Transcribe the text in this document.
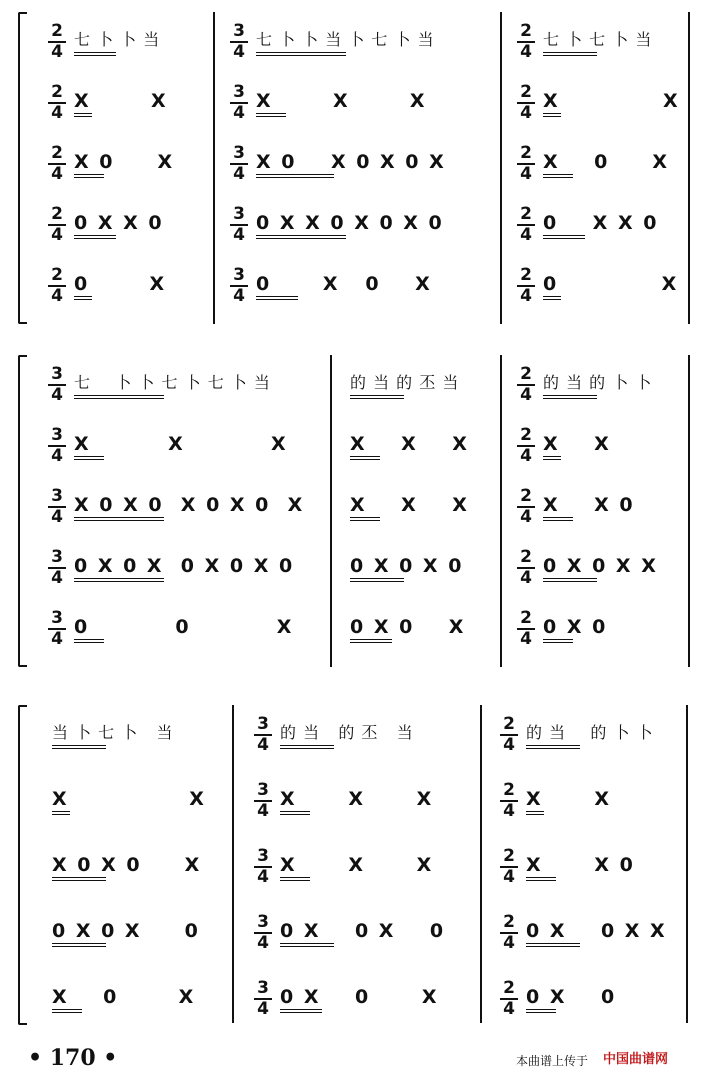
$\frac{2}{4}$ 七 卜 卜 当	$\frac{3}{4}$ 七 卜 卜 当 卜 七 卜 当	$\frac{2}{4}$ 七 卜 七 卜 当
$\frac{2}{4}$ X       X	$\frac{3}{4}$ X       X       X	$\frac{2}{4}$ X            X
$\frac{2}{4}$ X 0     X	$\frac{3}{4}$ X 0    X 0 X 0 X	$\frac{2}{4}$ X    0     X
$\frac{2}{4} 0$ X X 0	$\frac{3}{4} 0$ X X 0 X 0 X 0	$\frac{2}{4} 0$    X X 0
$\frac{2}{4} 0$       X	$\frac{3}{4} 0$      X   0    X	$\frac{2}{4} 0$            X
$\frac{3}{4}$ 七    卜 卜 七 卜 七 卜 当	的 当 的 丕 当	$\frac{2}{4}$ 的 当 的 卜 卜
$\frac{3}{4}$ X         X          X	X    X    X	$\frac{2}{4}$ X    X
$\frac{3}{4}$ X 0 X 0  X 0 X 0  X X    X    X	$\frac{2}{4}$ X    X 0
$\frac{3}{4} 0$ X 0 X  0 X 0 X 0	0 X 0 X 0	$\frac{2}{4} 0$ X 0 X X
$\frac{3}{4} 0$          0          X	0 X 0    X	$\frac{2}{4} 0$ X 0
当 卜 七 卜   当	$\frac{3}{4}$ 的 当   的 丕   当	$\frac{2}{4}$ 的 当    的 卜 卜
X              X	$\frac{3}{4}$ X      X      X	$\frac{2}{4}$ X      X
X 0 X 0     X	$\frac{3}{4}$ X      X      X	$\frac{2}{4}$ X      X 0
0 X 0 X     0	$\frac{3}{4} 0$ X    0 X    0	$\frac{2}{4} 0$ X    0 X X
X    0       X	$\frac{3}{4} 0$ X    0      X	$\frac{2}{4} 0$ X    0
• 170 •	本曲谱上传于 中国曲谱网
